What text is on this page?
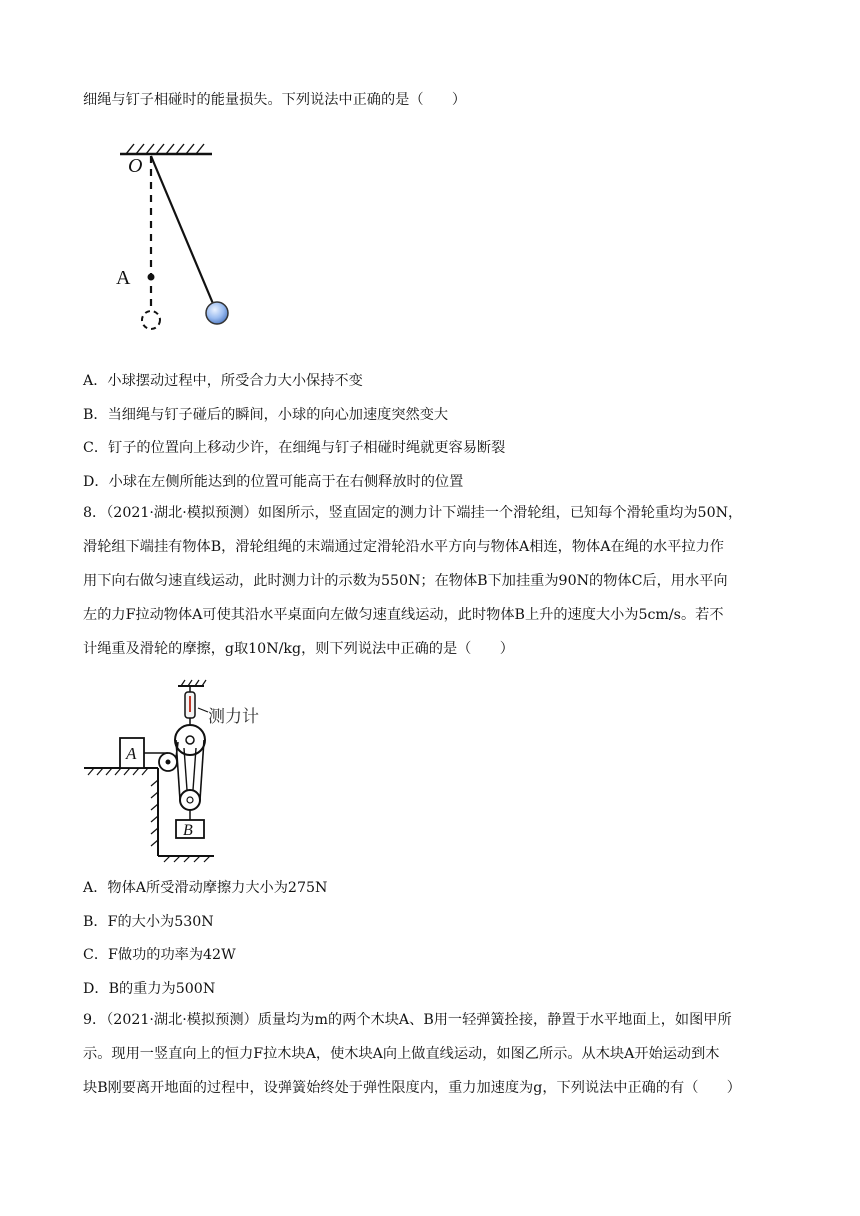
细绳与钉子相碰时的能量损失。下列说法中正确的是（　　）
O
A
A．小球摆动过程中，所受合力大小保持不变
B．当细绳与钉子碰后的瞬间，小球的向心加速度突然变大
C．钉子的位置向上移动少许，在细绳与钉子相碰时绳就更容易断裂
D．小球在左侧所能达到的位置可能高于在右侧释放时的位置
8．（2021·湖北·模拟预测）如图所示，竖直固定的测力计下端挂一个滑轮组，已知每个滑轮重均为50N，
滑轮组下端挂有物体B，滑轮组绳的末端通过定滑轮沿水平方向与物体A相连，物体A在绳的水平拉力作
用下向右做匀速直线运动，此时测力计的示数为550N；在物体B下加挂重为90N的物体C后，用水平向
左的力F拉动物体A可使其沿水平桌面向左做匀速直线运动，此时物体B上升的速度大小为5cm/s。若不
计绳重及滑轮的摩擦，g取10N/kg，则下列说法中正确的是（　　）
测力计
A
B
A．物体A所受滑动摩擦力大小为275N
B．F的大小为530N
C．F做功的功率为42W
D．B的重力为500N
9．（2021·湖北·模拟预测）质量均为m的两个木块A、B用一轻弹簧拴接，静置于水平地面上，如图甲所
示。现用一竖直向上的恒力F拉木块A，使木块A向上做直线运动，如图乙所示。从木块A开始运动到木
块B刚要离开地面的过程中，设弹簧始终处于弹性限度内，重力加速度为g，下列说法中正确的有（　　）
